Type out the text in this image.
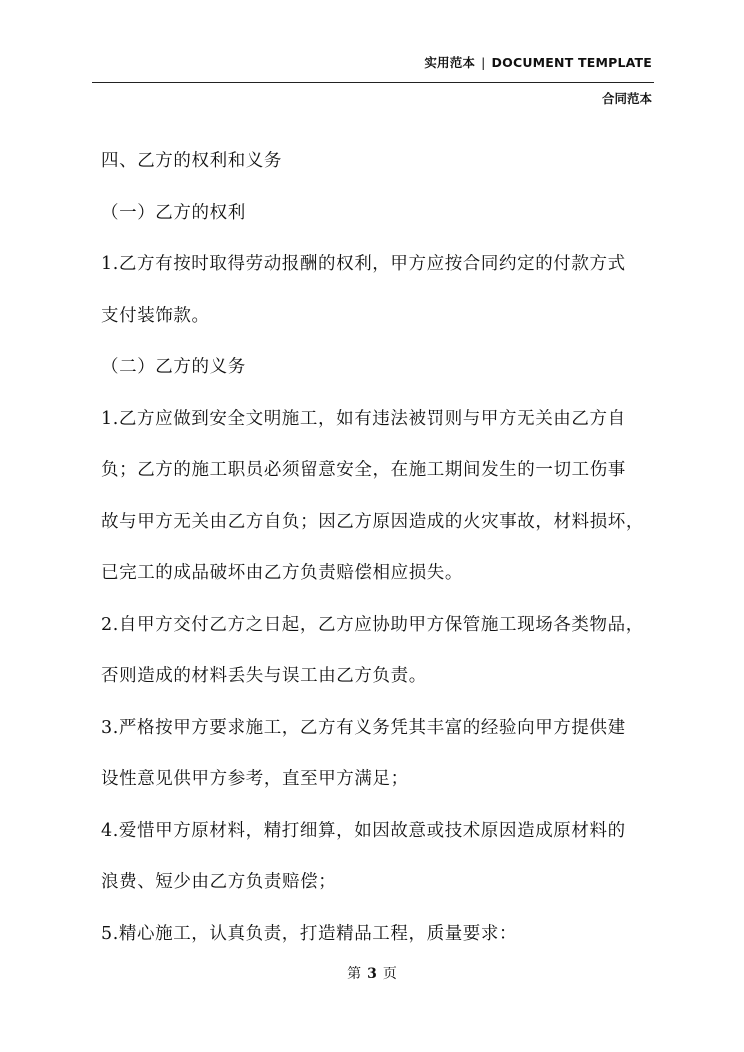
实用范本 | DOCUMENT TEMPLATE
合同范本

四、乙方的权利和义务

（一）乙方的权利

1.乙方有按时取得劳动报酬的权利，甲方应按合同约定的付款方式

支付装饰款。

（二）乙方的义务

1.乙方应做到安全文明施工，如有违法被罚则与甲方无关由乙方自

负；乙方的施工职员必须留意安全，在施工期间发生的一切工伤事

故与甲方无关由乙方自负；因乙方原因造成的火灾事故，材料损坏，

已完工的成品破坏由乙方负责赔偿相应损失。

2.自甲方交付乙方之日起，乙方应协助甲方保管施工现场各类物品，

否则造成的材料丢失与误工由乙方负责。

3.严格按甲方要求施工，乙方有义务凭其丰富的经验向甲方提供建

设性意见供甲方参考，直至甲方满足；

4.爱惜甲方原材料，精打细算，如因故意或技术原因造成原材料的

浪费、短少由乙方负责赔偿；

5.精心施工，认真负责，打造精品工程，质量要求：

第 3 页
